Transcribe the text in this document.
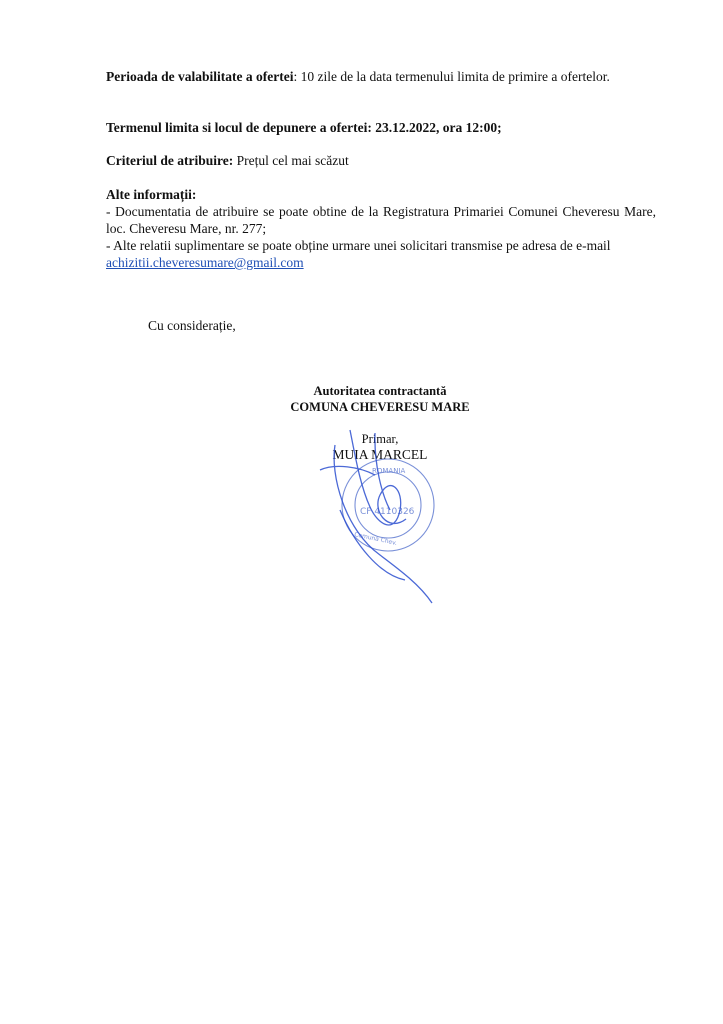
Perioada de valabilitate a ofertei: 10 zile de la data termenului limita de primire a ofertelor.
Termenul limita si locul de depunere a ofertei: 23.12.2022, ora 12:00;
Criteriul de atribuire: Prețul cel mai scăzut
Alte informații:
- Documentatia de atribuire se poate obtine de la Registratura Primariei Comunei Cheveresu Mare, loc. Cheveresu Mare, nr. 277;
- Alte relatii suplimentare se poate obține urmare unei solicitari transmise pe adresa de e-mail
achizitii.cheveresumare@gmail.com
Cu considerație,
Autoritatea contractantă
COMUNA CHEVERESU MARE
Primar,
MUIA MARCEL
ROMANIA
CF 4110326
Comuna Chev.
